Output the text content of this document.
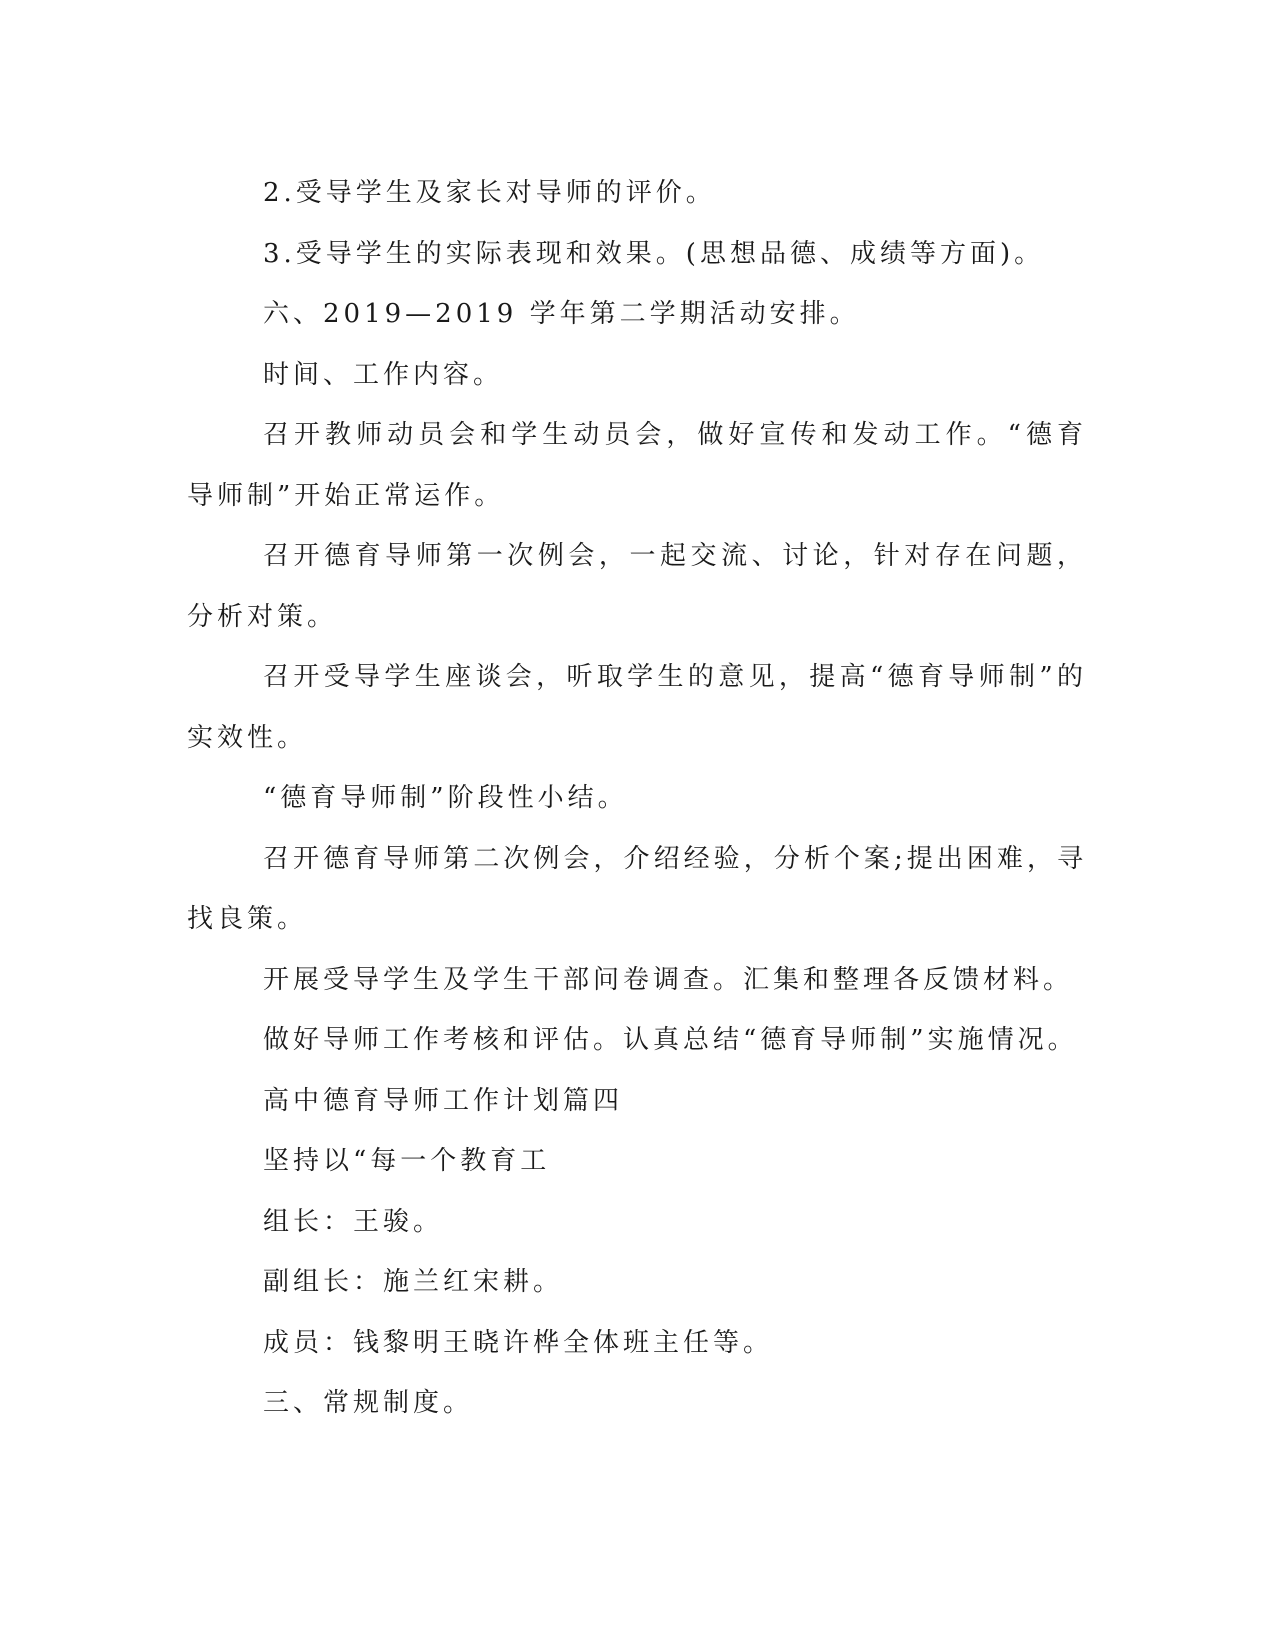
2.受导学生及家长对导师的评价。

3.受导学生的实际表现和效果。(思想品德、成绩等方面)。

六、2019—2019 学年第二学期活动安排。

时间、工作内容。

召开教师动员会和学生动员会，做好宣传和发动工作。“德育导师制”开始正常运作。

召开德育导师第一次例会，一起交流、讨论，针对存在问题，分析对策。

召开受导学生座谈会，听取学生的意见，提高“德育导师制”的实效性。

“德育导师制”阶段性小结。

召开德育导师第二次例会，介绍经验，分析个案;提出困难，寻找良策。

开展受导学生及学生干部问卷调查。汇集和整理各反馈材料。

做好导师工作考核和评估。认真总结“德育导师制”实施情况。

高中德育导师工作计划篇四

坚持以“每一个教育工

组长：王骏。

副组长：施兰红宋耕。

成员：钱黎明王晓许桦全体班主任等。

三、常规制度。
